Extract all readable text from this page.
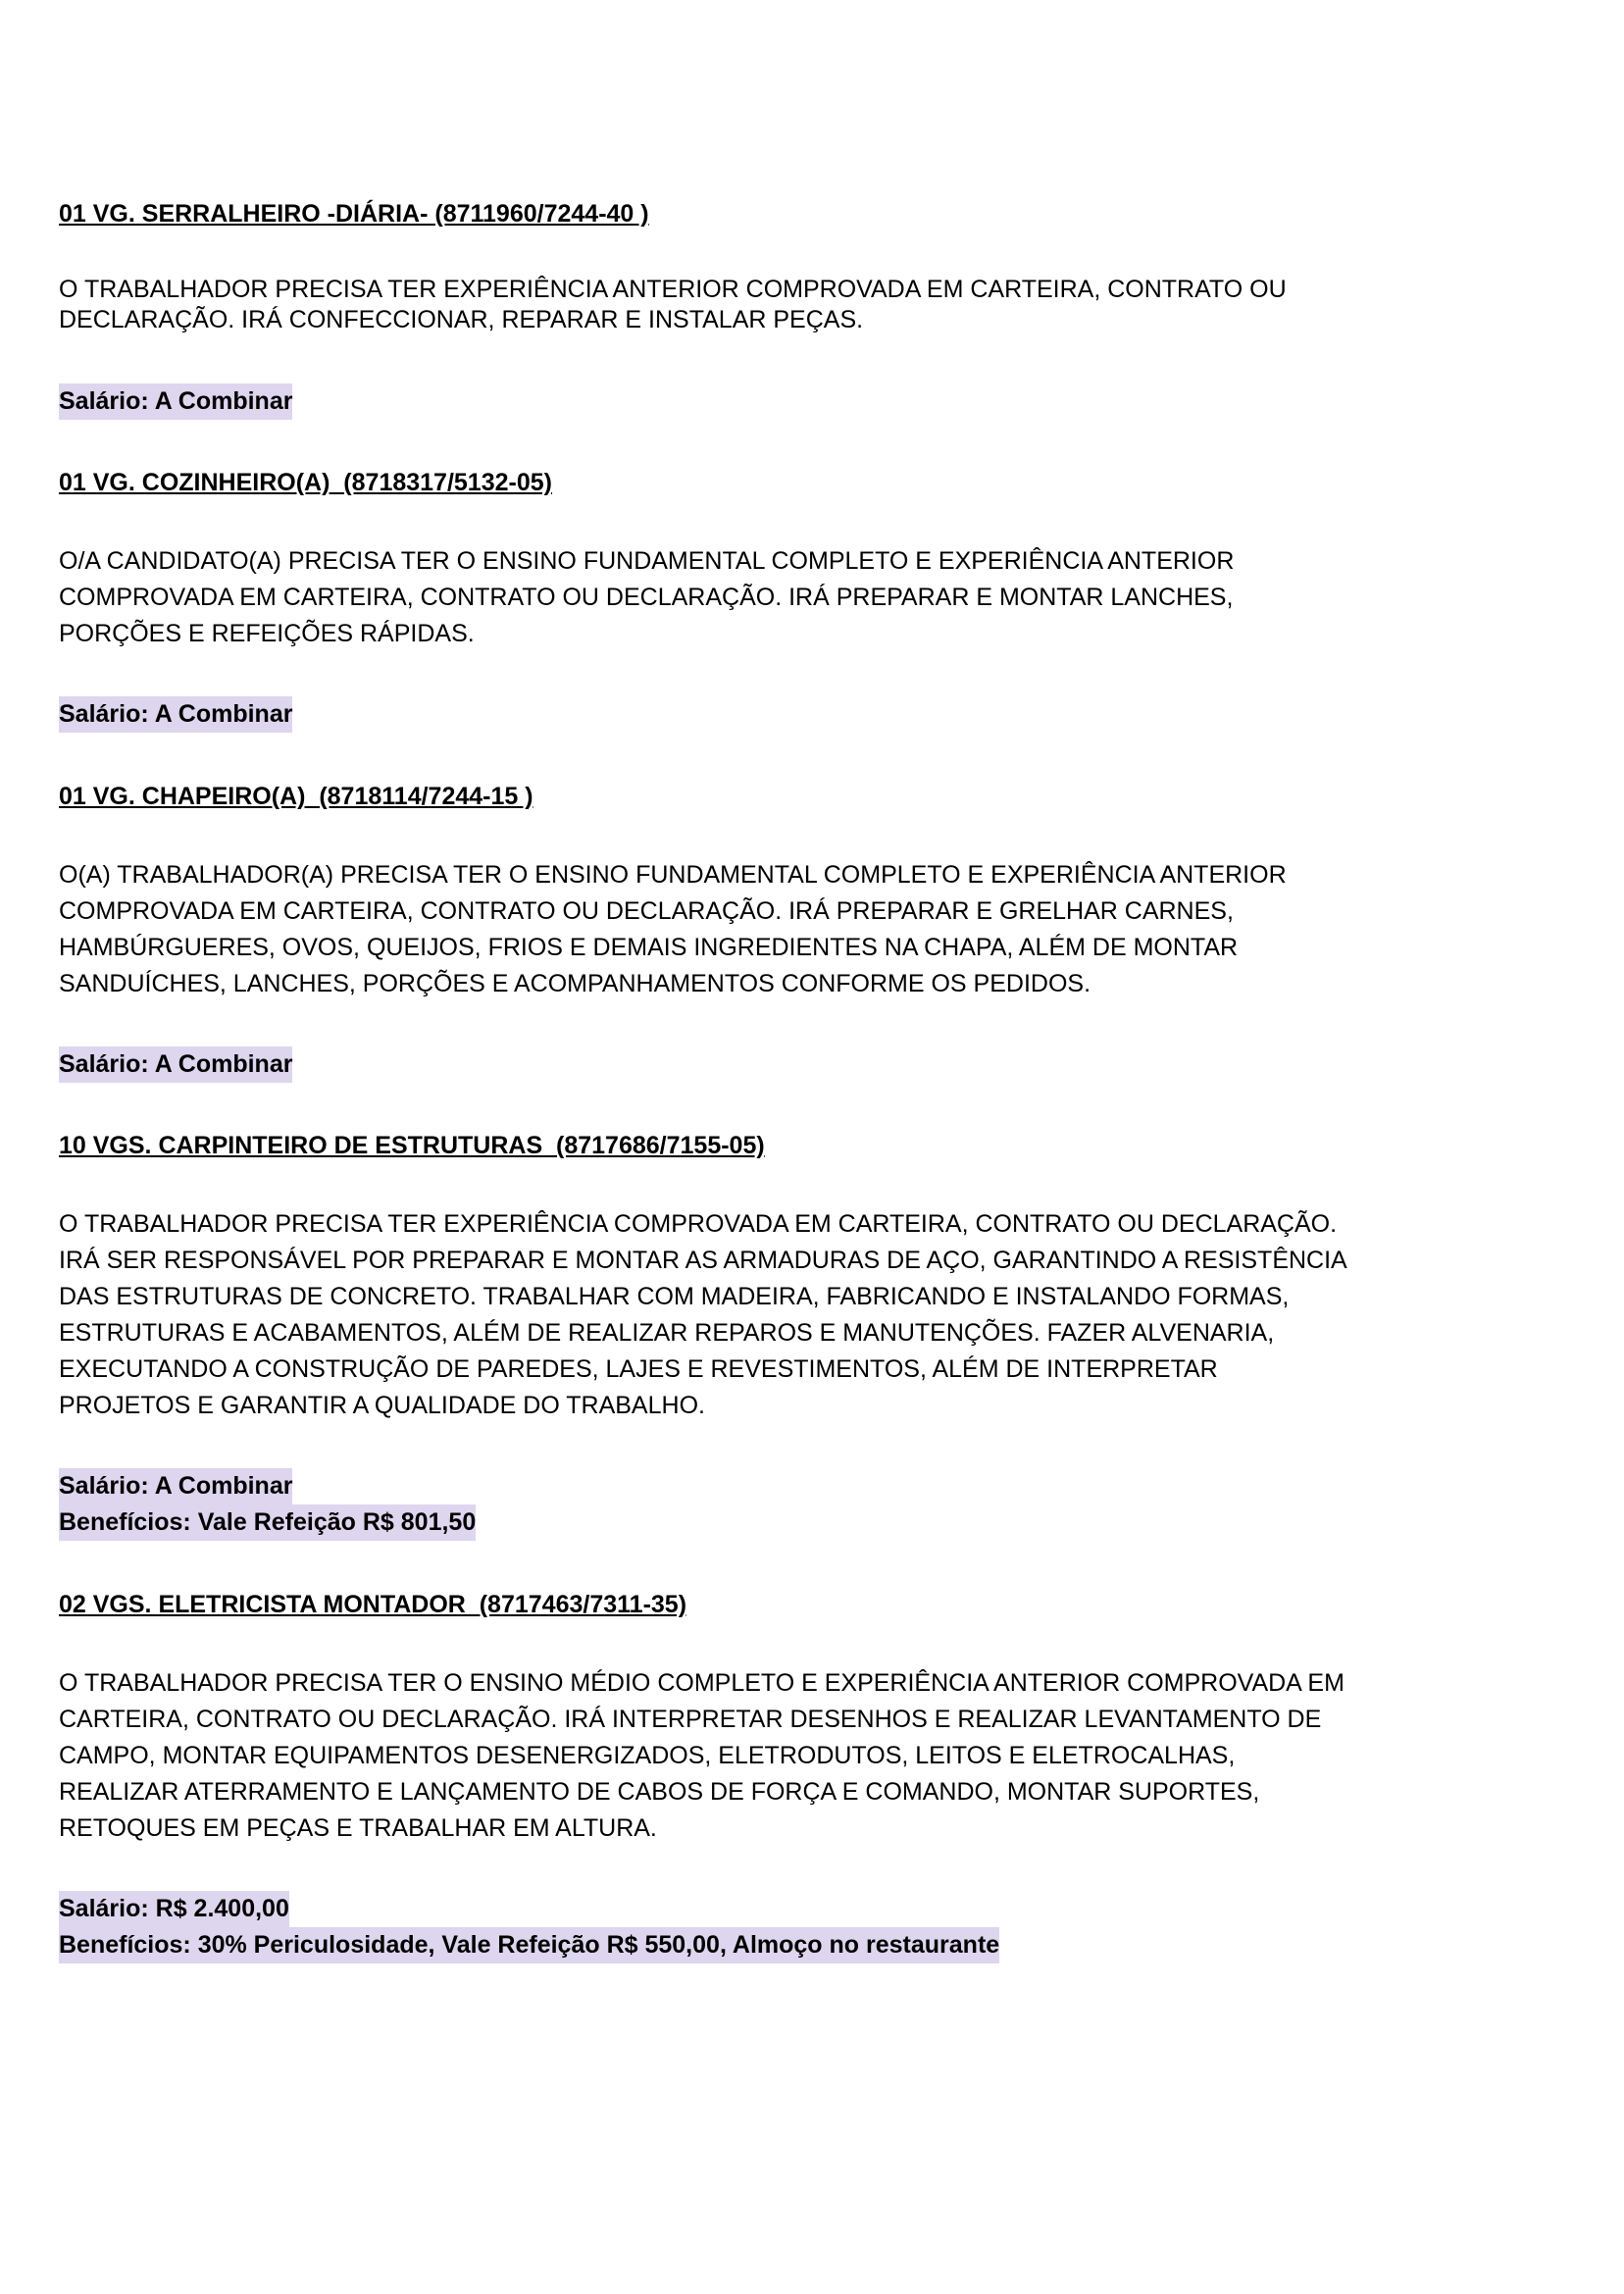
01 VG. SERRALHEIRO -DIÁRIA- (8711960/7244-40 )
O TRABALHADOR PRECISA TER EXPERIÊNCIA ANTERIOR COMPROVADA EM CARTEIRA, CONTRATO OU
DECLARAÇÃO. IRÁ CONFECCIONAR, REPARAR E INSTALAR PEÇAS.
Salário: A Combinar
01 VG. COZINHEIRO(A)  (8718317/5132-05)
O/A CANDIDATO(A) PRECISA TER O ENSINO FUNDAMENTAL COMPLETO E EXPERIÊNCIA ANTERIOR
COMPROVADA EM CARTEIRA, CONTRATO OU DECLARAÇÃO. IRÁ PREPARAR E MONTAR LANCHES,
PORÇÕES E REFEIÇÕES RÁPIDAS.
Salário: A Combinar
01 VG. CHAPEIRO(A)  (8718114/7244-15 )
O(A) TRABALHADOR(A) PRECISA TER O ENSINO FUNDAMENTAL COMPLETO E EXPERIÊNCIA ANTERIOR
COMPROVADA EM CARTEIRA, CONTRATO OU DECLARAÇÃO. IRÁ PREPARAR E GRELHAR CARNES,
HAMBÚRGUERES, OVOS, QUEIJOS, FRIOS E DEMAIS INGREDIENTES NA CHAPA, ALÉM DE MONTAR
SANDUÍCHES, LANCHES, PORÇÕES E ACOMPANHAMENTOS CONFORME OS PEDIDOS.
Salário: A Combinar
10 VGS. CARPINTEIRO DE ESTRUTURAS  (8717686/7155-05)
O TRABALHADOR PRECISA TER EXPERIÊNCIA COMPROVADA EM CARTEIRA, CONTRATO OU DECLARAÇÃO.
IRÁ SER RESPONSÁVEL POR PREPARAR E MONTAR AS ARMADURAS DE AÇO, GARANTINDO A RESISTÊNCIA
DAS ESTRUTURAS DE CONCRETO. TRABALHAR COM MADEIRA, FABRICANDO E INSTALANDO FORMAS,
ESTRUTURAS E ACABAMENTOS, ALÉM DE REALIZAR REPAROS E MANUTENÇÕES. FAZER ALVENARIA,
EXECUTANDO A CONSTRUÇÃO DE PAREDES, LAJES E REVESTIMENTOS, ALÉM DE INTERPRETAR
PROJETOS E GARANTIR A QUALIDADE DO TRABALHO.
Salário: A Combinar
Benefícios: Vale Refeição R$ 801,50
02 VGS. ELETRICISTA MONTADOR  (8717463/7311-35)
O TRABALHADOR PRECISA TER O ENSINO MÉDIO COMPLETO E EXPERIÊNCIA ANTERIOR COMPROVADA EM
CARTEIRA, CONTRATO OU DECLARAÇÃO. IRÁ INTERPRETAR DESENHOS E REALIZAR LEVANTAMENTO DE
CAMPO, MONTAR EQUIPAMENTOS DESENERGIZADOS, ELETRODUTOS, LEITOS E ELETROCALHAS,
REALIZAR ATERRAMENTO E LANÇAMENTO DE CABOS DE FORÇA E COMANDO, MONTAR SUPORTES,
RETOQUES EM PEÇAS E TRABALHAR EM ALTURA.
Salário: R$ 2.400,00
Benefícios: 30% Periculosidade, Vale Refeição R$ 550,00, Almoço no restaurante
